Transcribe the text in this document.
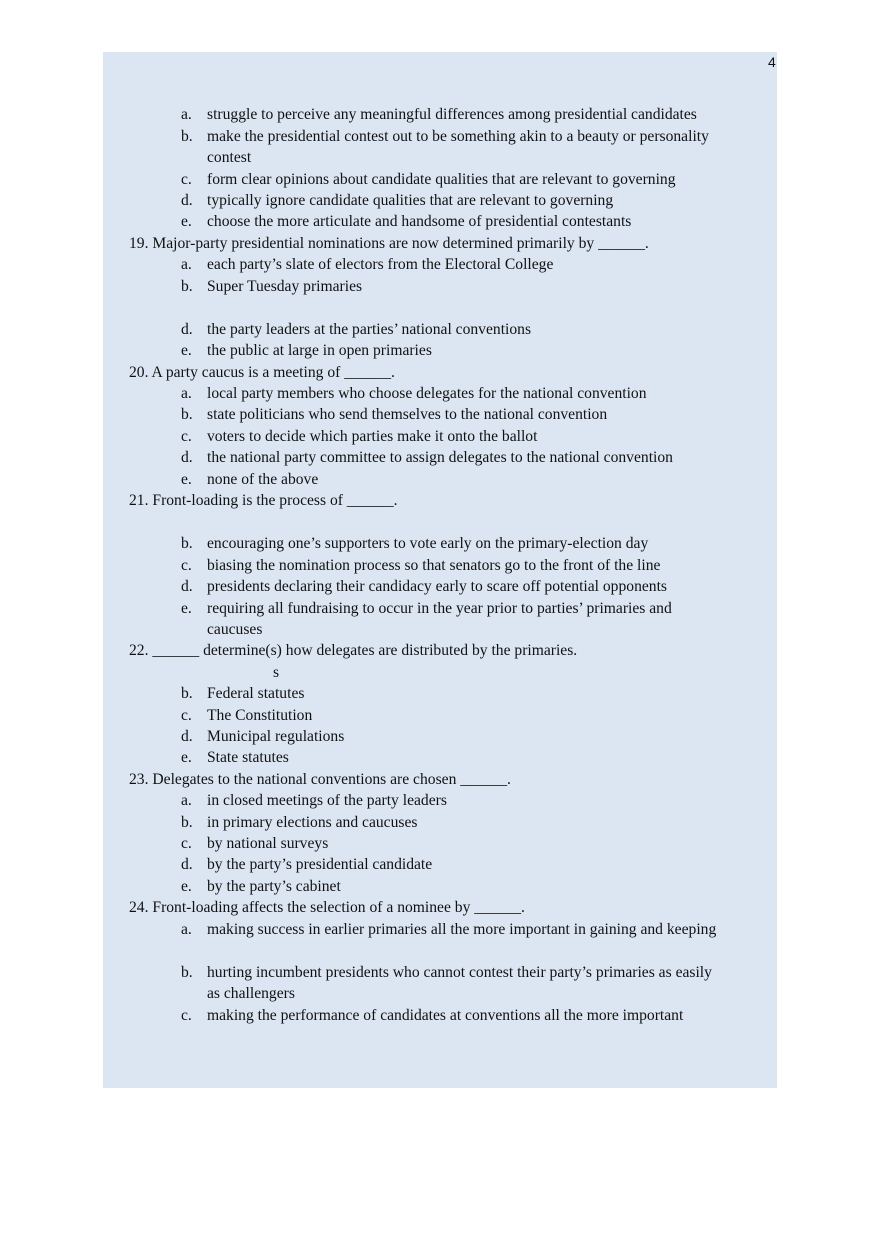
4
a. struggle to perceive any meaningful differences among presidential candidates
b. make the presidential contest out to be something akin to a beauty or personality
contest
c. form clear opinions about candidate qualities that are relevant to governing
d. typically ignore candidate qualities that are relevant to governing
e. choose the more articulate and handsome of presidential contestants
19. Major-party presidential nominations are now determined primarily by ______.
a. each party’s slate of electors from the Electoral College
b. Super Tuesday primaries
d. the party leaders at the parties’ national conventions
e. the public at large in open primaries
20. A party caucus is a meeting of ______.
a. local party members who choose delegates for the national convention
b. state politicians who send themselves to the national convention
c. voters to decide which parties make it onto the ballot
d. the national party committee to assign delegates to the national convention
e. none of the above
21. Front-loading is the process of ______.
b. encouraging one’s supporters to vote early on the primary-election day
c. biasing the nomination process so that senators go to the front of the line
d. presidents declaring their candidacy early to scare off potential opponents
e. requiring all fundraising to occur in the year prior to parties’ primaries and
caucuses
22. ______ determine(s) how delegates are distributed by the primaries.
s
b. Federal statutes
c. The Constitution
d. Municipal regulations
e. State statutes
23. Delegates to the national conventions are chosen ______.
a. in closed meetings of the party leaders
b. in primary elections and caucuses
c. by national surveys
d. by the party’s presidential candidate
e. by the party’s cabinet
24. Front-loading affects the selection of a nominee by ______.
a. making success in earlier primaries all the more important in gaining and keeping
b. hurting incumbent presidents who cannot contest their party’s primaries as easily
as challengers
c. making the performance of candidates at conventions all the more important
